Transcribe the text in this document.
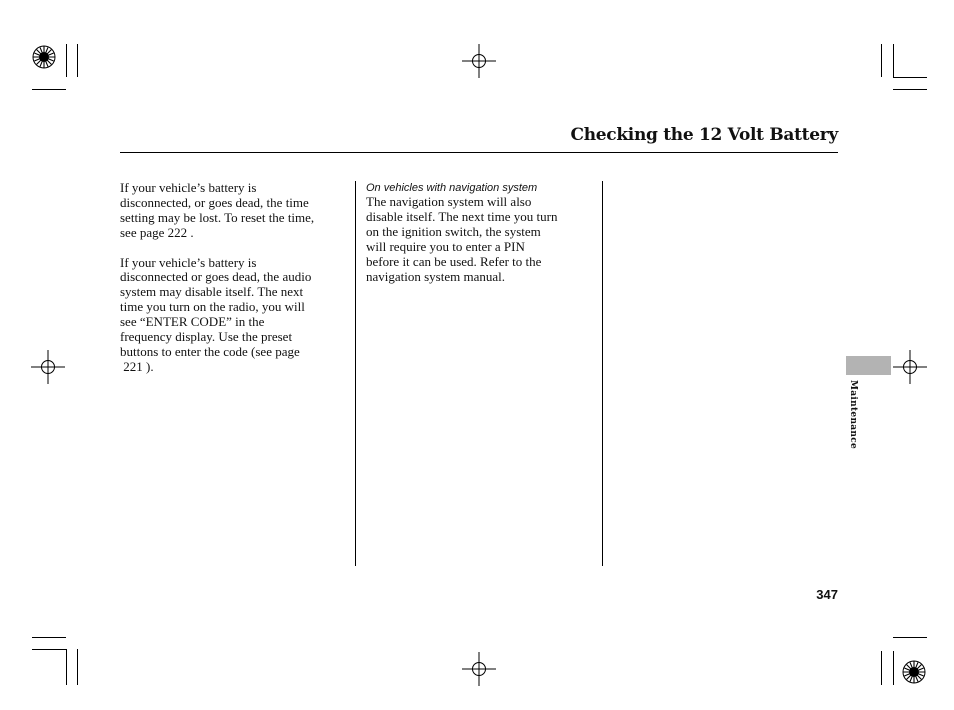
Checking the 12 Volt Battery

If your vehicle’s battery is

disconnected, or goes dead, the time

setting may be lost. To reset the time,

see page 222 .

If your vehicle’s battery is

disconnected or goes dead, the audio

system may disable itself. The next

time you turn on the radio, you will

see “ENTER CODE” in the

frequency display. Use the preset

buttons to enter the code (see page

221 ).

On vehicles with navigation system

The navigation system will also

disable itself. The next time you turn

on the ignition switch, the system

will require you to enter a PIN

before it can be used. Refer to the

navigation system manual.

Maintenance
347
